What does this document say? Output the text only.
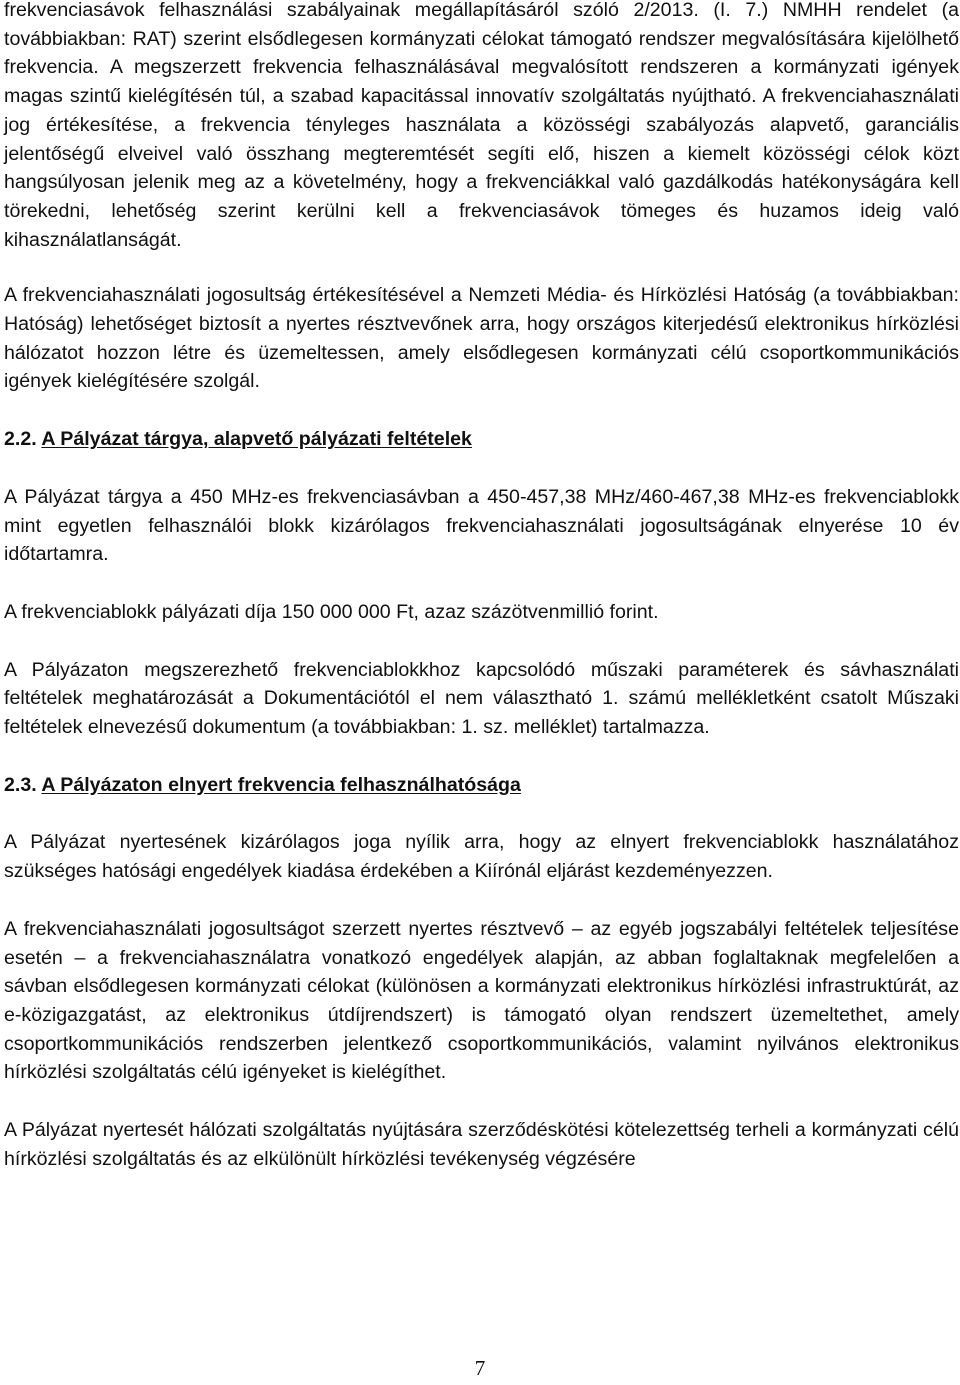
frekvenciasávok felhasználási szabályainak megállapításáról szóló 2/2013. (I. 7.) NMHH rendelet (a továbbiakban: RAT) szerint elsődlegesen kormányzati célokat támogató rendszer megvalósítására kijelölhető frekvencia. A megszerzett frekvencia felhasználásával megvalósított rendszeren a kormányzati igények magas szintű kielégítésén túl, a szabad kapacitással innovatív szolgáltatás nyújtható. A frekvenciahasználati jog értékesítése, a frekvencia tényleges használata a közösségi szabályozás alapvető, garanciális jelentőségű elveivel való összhang megteremtését segíti elő, hiszen a kiemelt közösségi célok közt hangsúlyosan jelenik meg az a követelmény, hogy a frekvenciákkal való gazdálkodás hatékonyságára kell törekedni, lehetőség szerint kerülni kell a frekvenciasávok tömeges és huzamos ideig való kihasználatlanságát.

A frekvenciahasználati jogosultság értékesítésével a Nemzeti Média- és Hírközlési Hatóság (a továbbiakban: Hatóság) lehetőséget biztosít a nyertes résztvevőnek arra, hogy országos kiterjedésű elektronikus hírközlési hálózatot hozzon létre és üzemeltessen, amely elsődlegesen kormányzati célú csoportkommunikációs igények kielégítésére szolgál.

2.2. A Pályázat tárgya, alapvető pályázati feltételek

A Pályázat tárgya a 450 MHz-es frekvenciasávban a 450-457,38 MHz/460-467,38 MHz-es frekvenciablokk mint egyetlen felhasználói blokk kizárólagos frekvenciahasználati jogosultságának elnyerése 10 év időtartamra.

A frekvenciablokk pályázati díja 150 000 000 Ft, azaz százötvenmillió forint.

A Pályázaton megszerezhető frekvenciablokkhoz kapcsolódó műszaki paraméterek és sávhasználati feltételek meghatározását a Dokumentációtól el nem választható 1. számú mellékletként csatolt Műszaki feltételek elnevezésű dokumentum (a továbbiakban: 1. sz. melléklet) tartalmazza.

2.3. A Pályázaton elnyert frekvencia felhasználhatósága

A Pályázat nyertesének kizárólagos joga nyílik arra, hogy az elnyert frekvenciablokk használatához szükséges hatósági engedélyek kiadása érdekében a Kiírónál eljárást kezdeményezzen.

A frekvenciahasználati jogosultságot szerzett nyertes résztvevő – az egyéb jogszabályi feltételek teljesítése esetén – a frekvenciahasználatra vonatkozó engedélyek alapján, az abban foglaltaknak megfelelően a sávban elsődlegesen kormányzati célokat (különösen a kormányzati elektronikus hírközlési infrastruktúrát, az e-közigazgatást, az elektronikus útdíjrendszert) is támogató olyan rendszert üzemeltethet, amely csoportkommunikációs rendszerben jelentkező csoportkommunikációs, valamint nyilvános elektronikus hírközlési szolgáltatás célú igényeket is kielégíthet.

A Pályázat nyertesét hálózati szolgáltatás nyújtására szerződéskötési kötelezettség terheli a kormányzati célú hírközlési szolgáltatás és az elkülönült hírközlési tevékenység végzésére

7
